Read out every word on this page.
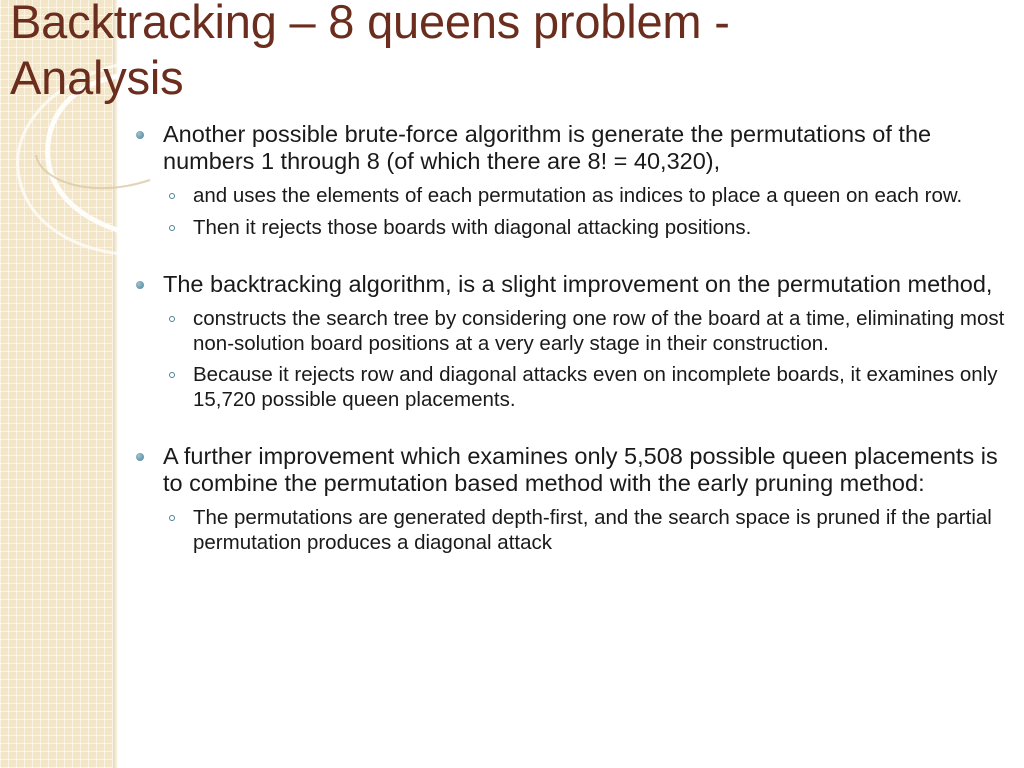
Backtracking – 8 queens problem -
Analysis
Another possible brute-force algorithm is generate the permutations of the numbers 1 through 8 (of which there are 8! = 40,320),
and uses the elements of each permutation as indices to place a queen on each row.
Then it rejects those boards with diagonal attacking positions.
The backtracking algorithm, is a slight improvement on the permutation method,
constructs the search tree by considering one row of the board at a time, eliminating most non-solution board positions at a very early stage in their construction.
Because it rejects row and diagonal attacks even on incomplete boards, it examines only 15,720 possible queen placements.
A further improvement which examines only 5,508 possible queen placements is to combine the permutation based method with the early pruning method:
The permutations are generated depth-first, and the search space is pruned if the partial permutation produces a diagonal attack
